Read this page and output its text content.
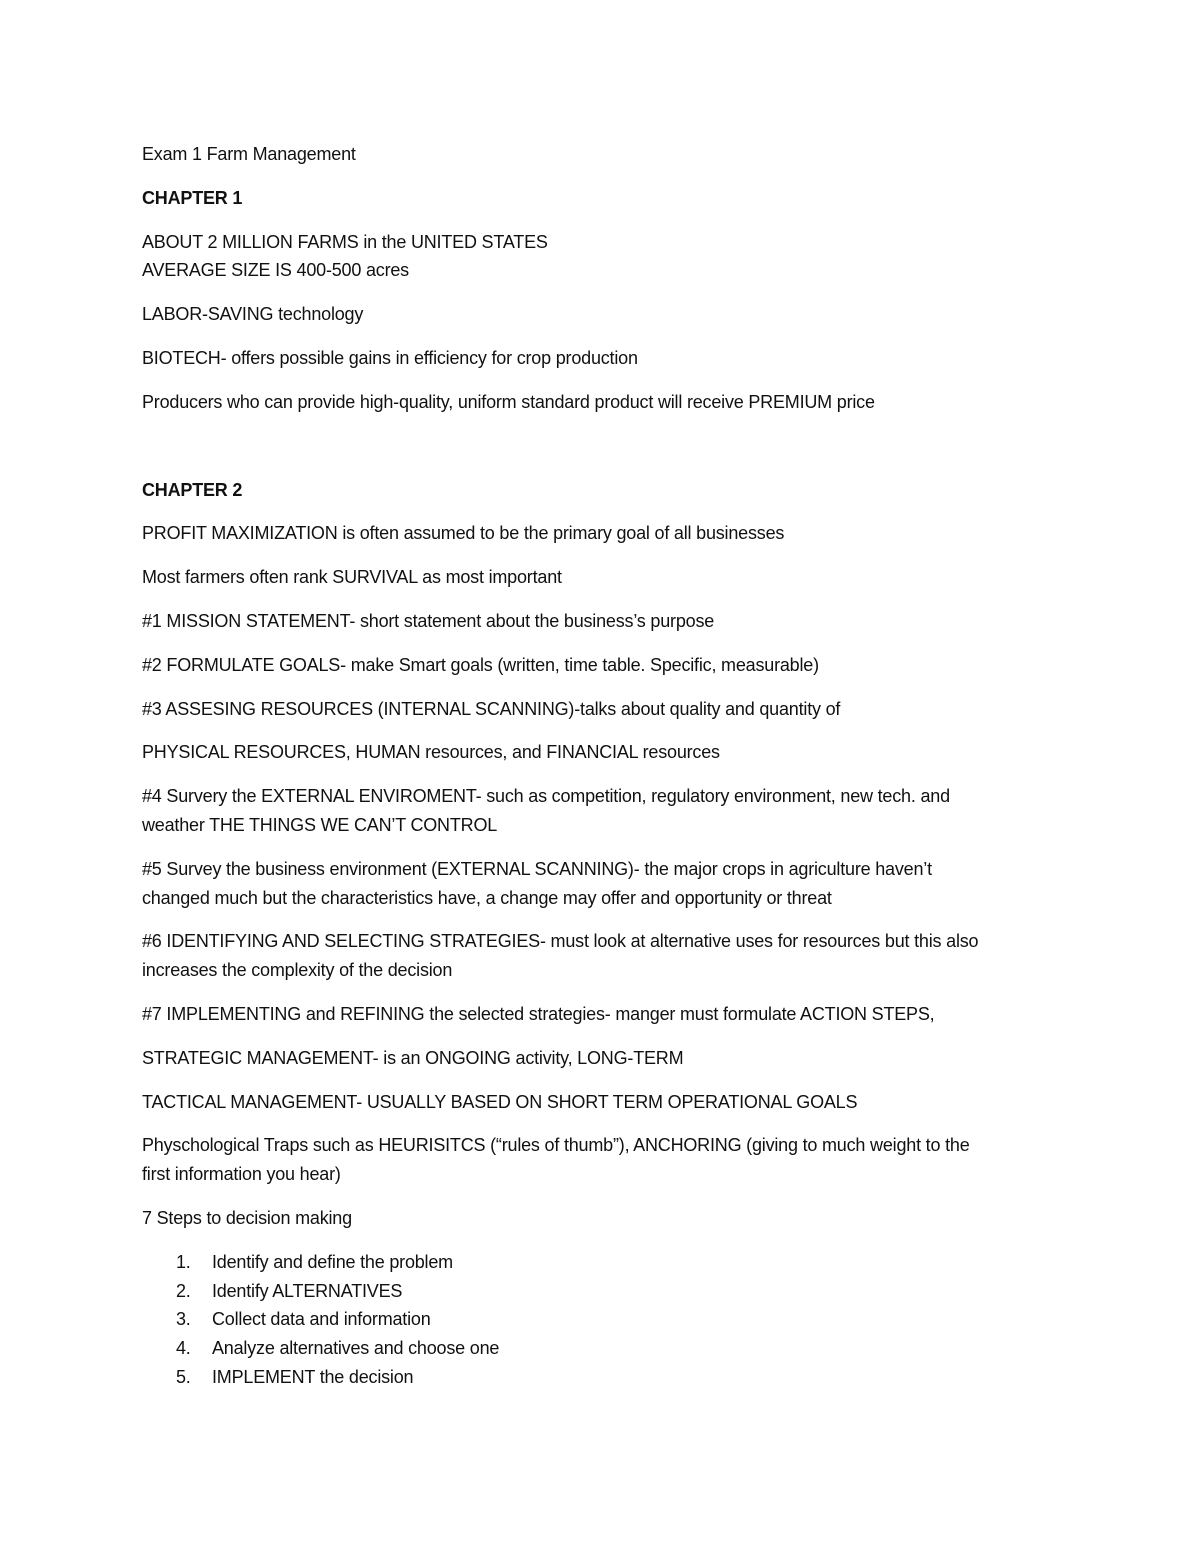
Exam 1 Farm Management

CHAPTER 1

ABOUT 2 MILLION FARMS in the UNITED STATES
AVERAGE SIZE IS 400-500 acres

LABOR-SAVING technology

BIOTECH- offers possible gains in efficiency for crop production

Producers who can provide high-quality, uniform standard product will receive PREMIUM price

CHAPTER 2

PROFIT MAXIMIZATION is often assumed to be the primary goal of all businesses

Most farmers often rank SURVIVAL as most important

#1 MISSION STATEMENT- short statement about the business’s purpose

#2 FORMULATE GOALS- make Smart goals (written, time table. Specific, measurable)

#3 ASSESING RESOURCES (INTERNAL SCANNING)-talks about quality and quantity of

PHYSICAL RESOURCES, HUMAN resources, and FINANCIAL resources

#4 Survery the EXTERNAL ENVIROMENT- such as competition, regulatory environment, new tech. and
weather THE THINGS WE CAN’T CONTROL

#5 Survey the business environment (EXTERNAL SCANNING)- the major crops in agriculture haven’t
changed much but the characteristics have, a change may offer and opportunity or threat

#6 IDENTIFYING AND SELECTING STRATEGIES- must look at alternative uses for resources but this also
increases the complexity of the decision

#7 IMPLEMENTING and REFINING the selected strategies- manger must formulate ACTION STEPS,

STRATEGIC MANAGEMENT- is an ONGOING activity, LONG-TERM

TACTICAL MANAGEMENT- USUALLY BASED ON SHORT TERM OPERATIONAL GOALS

Physchological Traps such as HEURISITCS (“rules of thumb”), ANCHORING (giving to much weight to the
first information you hear)

7 Steps to decision making

1. Identify and define the problem
2. Identify ALTERNATIVES
3. Collect data and information
4. Analyze alternatives and choose one
5. IMPLEMENT the decision
